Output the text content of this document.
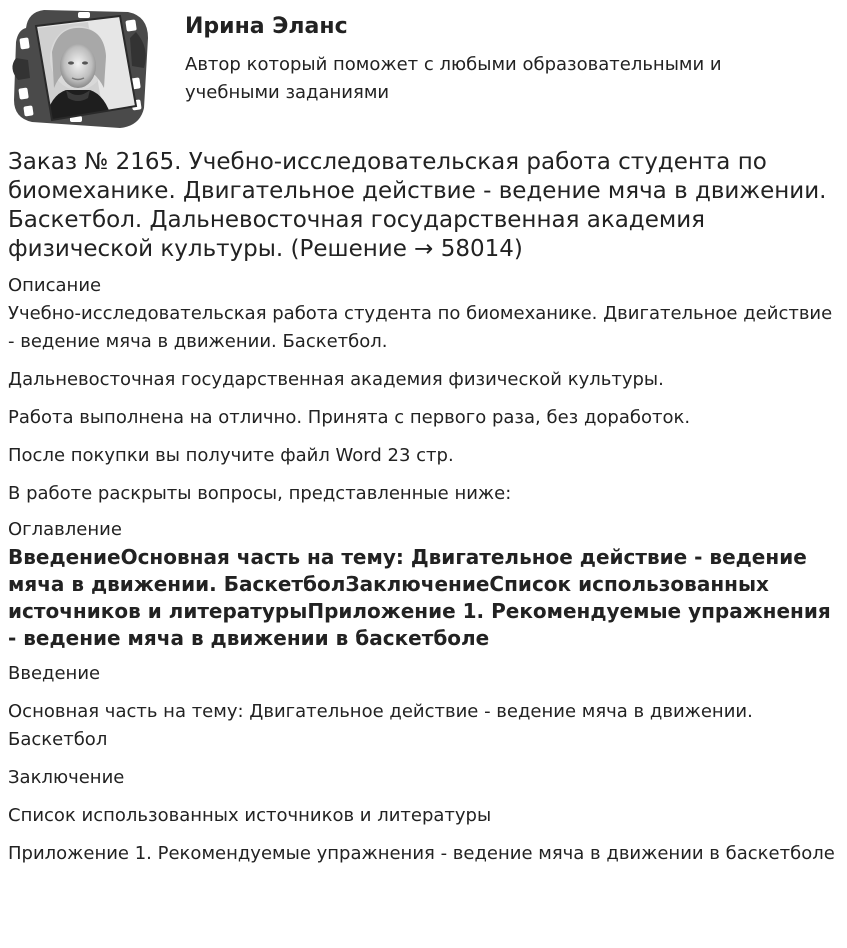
Ирина Эланс
Автор который поможет с любыми образовательными и учебными заданиями
Заказ № 2165. Учебно-исследовательская работа студента по биомеханике. Двигательное действие - ведение мяча в движении. Баскетбол. Дальневосточная государственная академия физической культуры. (Решение → 58014)
Описание

Учебно-исследовательская работа студента по биомеханике. Двигательное действие - ведение мяча в движении. Баскетбол.

Дальневосточная государственная академия физической культуры.

Работа выполнена на отлично. Принята с первого раза, без доработок.

После покупки вы получите файл Word 23 стр.

В работе раскрыты вопросы, представленные ниже:

Оглавление

ВведениеОсновная часть на тему: Двигательное действие - ведение мяча в движении. БаскетболЗаключениеСписок использованных источников и литературыПриложение 1. Рекомендуемые упражнения - ведение мяча в движении в баскетболе

Введение

Основная часть на тему: Двигательное действие - ведение мяча в движении. Баскетбол

Заключение

Список использованных источников и литературы

Приложение 1. Рекомендуемые упражнения - ведение мяча в движении в баскетболе
